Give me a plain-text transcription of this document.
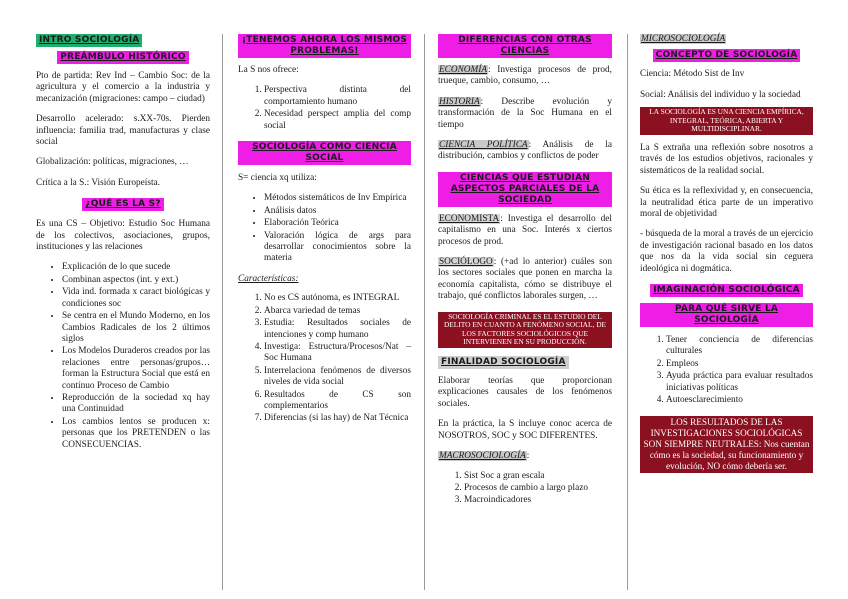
INTRO SOCIOLOGÍA
PREÁMBULO HISTÓRICO

Pto de partida: Rev Ind – Cambio Soc: de la agricultura y el comercio a la industria y mecanización (migraciones: campo – ciudad)

Desarrollo acelerado: s.XX-70s. Pierden influencia: familia trad, manufacturas y clase social

Globalización: políticas, migraciones, …

Crítica a la S.: Visión Europeísta.

¿QUÉ ES LA S?

Es una CS – Objetivo: Estudio Soc Humana de los colectivos, asociaciones, grupos, instituciones y las relaciones

• Explicación de lo que sucede
• Combinan aspectos (int. y ext.)
• Vida ind. formada x caract biológicas y condiciones soc
• Se centra en el Mundo Moderno, en los Cambios Radicales de los 2 últimos siglos
• Los Modelos Duraderos creados por las relaciones entre personas/grupos… forman la Estructura Social que está en contínuo Proceso de Cambio
• Reproducción de la sociedad xq hay una Continuidad
• Los cambios lentos se producen x: personas que los PRETENDEN o las CONSECUENCIAS.
¡TENEMOS AHORA LOS MISMOS PROBLEMAS!

La S nos ofrece:

1. Perspectiva distinta del comportamiento humano
2. Necesidad perspect amplia del comp social
SOCIOLOGÍA COMO CIENCIA SOCIAL

S= ciencia xq utiliza:

• Métodos sistemáticos de Inv Empírica
• Análisis datos
• Elaboración Teórica
• Valoración lógica de args para desarrollar conocimientos sobre la materia

Características:

1. No es CS autónoma, es INTEGRAL
2. Abarca variedad de temas
3. Estudia: Resultados sociales de intenciones y comp humano
4. Investiga: Estructura/Procesos/Nat – Soc Humana
5. Interrelaciona fenómenos de diversos niveles de vida social
6. Resultados de CS son complementarios
7. Diferencias (si las hay) de Nat Técnica
DIFERENCIAS CON OTRAS CIENCIAS

ECONOMÍA: Investiga procesos de prod, trueque, cambio, consumo, …

HISTORIA: Describe evolución y transformación de la Soc Humana en el tiempo

CIENCIA POLÍTICA: Análisis de la distribución, cambios y conflictos de poder

CIENCIAS QUE ESTUDIAN ASPECTOS PARCIALES DE LA SOCIEDAD

ECONOMISTA: Investiga el desarrollo del capitalismo en una Soc. Interés x ciertos procesos de prod.

SOCIÓLOGO: (+ad lo anterior) cuáles son los sectores sociales que ponen en marcha la economía capitalista, cómo se distribuye el trabajo, qué conflictos laborales surgen, …

SOCIOLOGÍA CRIMINAL ES EL ESTUDIO DEL DELITO EN CUANTO A FENÓMENO SOCIAL, DE LOS FACTORES SOCIOLÓGICOS QUE INTERVIENEN EN SU PRODUCCIÓN.
FINALIDAD SOCIOLOGÍA

Elaborar teorías que proporcionan explicaciones causales de los fenómenos sociales.

En la práctica, la S incluye conoc acerca de NOSOTROS, SOC y SOC DIFERENTES.

MACROSOCIOLOGÍA:

1. Sist Soc a gran escala
2. Procesos de cambio a largo plazo
3. Macroindicadores

MICROSOCIOLOGÍA

CONCEPTO DE SOCIOLOGÍA

Ciencia: Método Sist de Inv

Social: Análisis del individuo y la sociedad

LA SOCIOLOGÍA ES UNA CIENCIA EMPÍRICA, INTEGRAL, TEÓRICA, ABIERTA Y MULTIDISCIPLINAR.

La S extraña una reflexión sobre nosotros a través de los estudios objetivos, racionales y sistemáticos de la realidad social.

Su ética es la reflexividad y, en consecuencia, la neutralidad ética parte de un imperativo moral de objetividad

- búsqueda de la moral a través de un ejercicio de investigación racional basado en los datos que nos da la vida social sin ceguera ideológica ni dogmática.

IMAGINACIÓN SOCIOLÓGICA
PARA QUÉ SIRVE LA SOCIOLOGÍA
1. Tener conciencia de diferencias culturales
2. Empleos
3. Ayuda práctica para evaluar resultados iniciativas políticas
4. Autoesclarecimiento
LOS RESULTADOS DE LAS INVESTIGACIONES SOCIOLÓGICAS SON SIEMPRE NEUTRALES: Nos cuentan cómo es la sociedad, su funcionamiento y evolución, NO cómo debería ser.
